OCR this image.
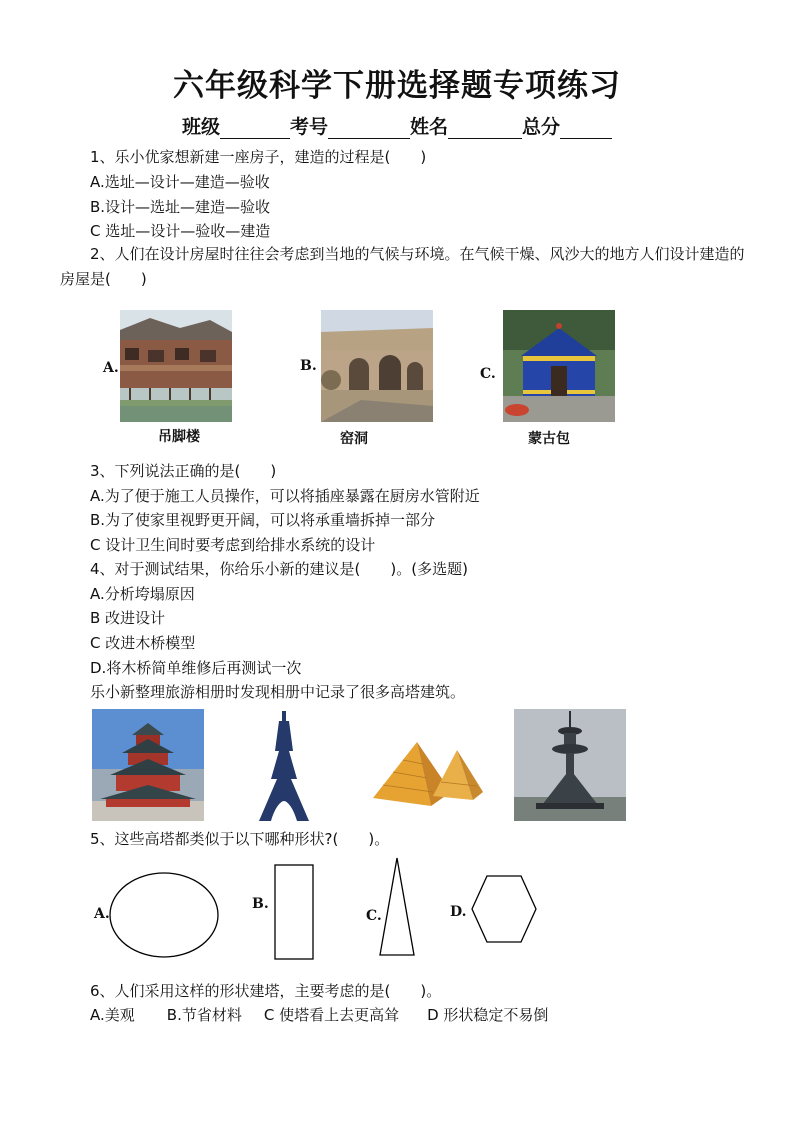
六年级科学下册选择题专项练习
班级	考号	姓名	总分
1、乐小优家想新建一座房子，建造的过程是(　　)
A.选址—设计—建造—验收
B.设计—选址—建造—验收
C 选址—设计—验收—建造
2、人们在设计房屋时往往会考虑到当地的气候与环境。在气候干燥、风沙大的地方人们设计建造的房屋是(　　)
A.
吊脚楼
B.
窑洞
C.
蒙古包
3、下列说法正确的是(　　)
A.为了便于施工人员操作，可以将插座暴露在厨房水管附近
B.为了使家里视野更开阔，可以将承重墙拆掉一部分
C 设计卫生间时要考虑到给排水系统的设计
4、对于测试结果，你给乐小新的建议是(　　)。(多选题)
A.分析垮塌原因
B 改进设计
C 改进木桥模型
D.将木桥简单维修后再测试一次
乐小新整理旅游相册时发现相册中记录了很多高塔建筑。
5、这些高塔都类似于以下哪种形状?(　　)。
A.
B.
C.	D.
6、人们采用这样的形状建塔，主要考虑的是(　　)。
A.美观 B.节省材料 C 使塔看上去更高耸 D 形状稳定不易倒
